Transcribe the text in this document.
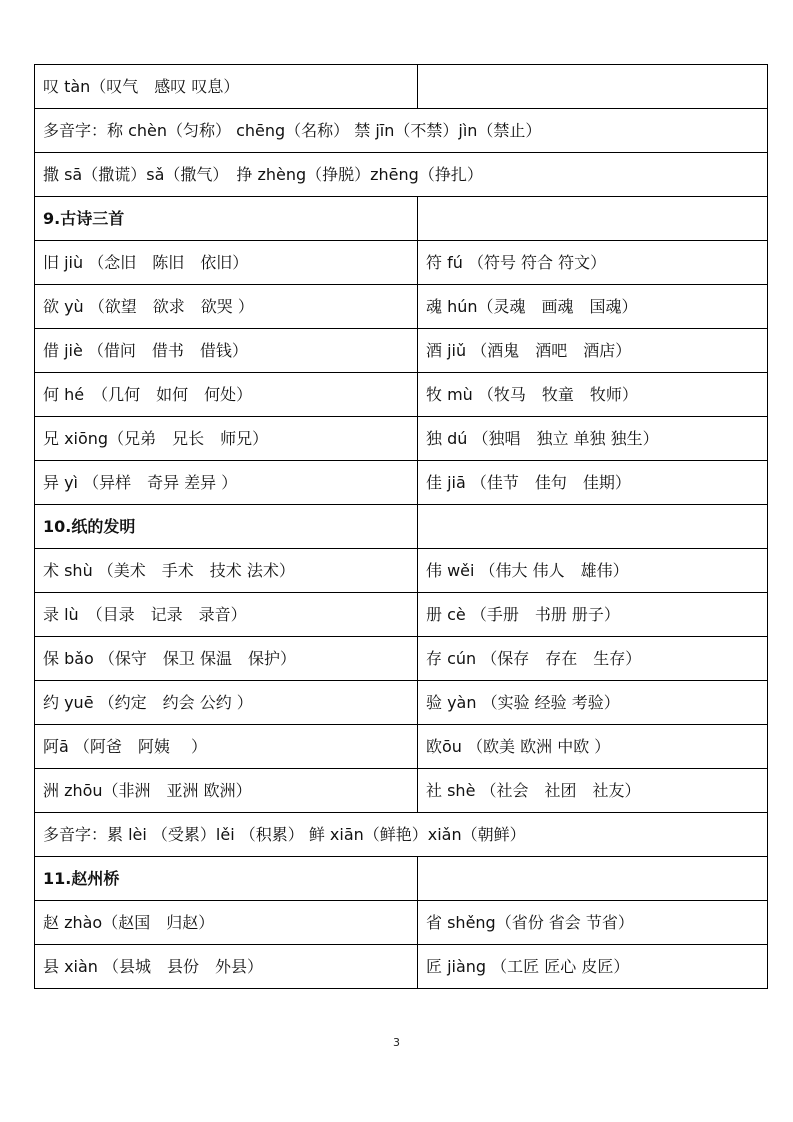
叹 tàn（叹气　感叹 叹息）	
多音字：称 chèn（匀称） chēng（名称） 禁 jīn（不禁）jìn（禁止）	
撒 sā（撒谎）sǎ（撒气）　挣 zhèng（挣脱）zhēng（挣扎）	
9.古诗三首	
旧 jiù （念旧　陈旧　依旧）	符 fú （符号 符合 符文）
欲 yù （欲望　欲求　欲哭 ）	魂 hún（灵魂　画魂　国魂）
借 jiè （借问　借书　借钱）	酒 jiǔ （酒鬼　酒吧　酒店）
何 hé　（几何　如何　何处）	牧 mù （牧马　牧童　牧师）
兄 xiōng（兄弟　兄长　师兄）	独 dú （独唱　独立 单独 独生）
异 yì （异样　奇异 差异 ）	佳 jiā （佳节　佳句　佳期）
10.纸的发明	
术 shù （美术　手术　技术 法术）	伟 wěi （伟大 伟人　雄伟）
录 lù　（目录　记录　录音）	册 cè （手册　书册 册子）
保 bǎo （保守　保卫 保温　保护）	存 cún （保存　存在　生存）
约 yuē （约定　约会 公约 ）	验 yàn （实验 经验 考验）
阿ā （阿爸　阿姨　 ）	欧ōu （欧美 欧洲 中欧 ）
洲 zhōu（非洲　亚洲 欧洲）	社 shè （社会　社团　社友）
多音字：累 lèi （受累）lěi （积累） 鲜 xiān（鲜艳）xiǎn（朝鲜）	
11.赵州桥	
赵 zhào（赵国　归赵）	省 shěng（省份 省会 节省）
县 xiàn （县城　县份　外县）	匠 jiàng （工匠 匠心 皮匠）
3
